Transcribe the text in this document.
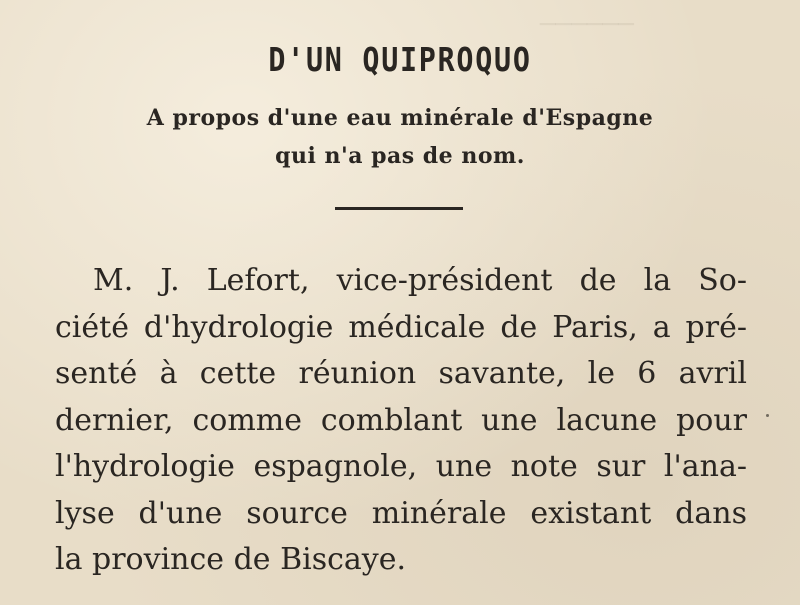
──────
D'UN QUIPROQUO
A propos d'une eau minérale d'Espagne
qui n'a pas de nom.
M. J. Lefort, vice-président de la So-
ciété d'hydrologie médicale de Paris, a pré-
senté à cette réunion savante, le 6 avril
dernier, comme comblant une lacune pour
l'hydrologie espagnole, une note sur l'ana-
lyse d'une source minérale existant dans
la province de Biscaye.
